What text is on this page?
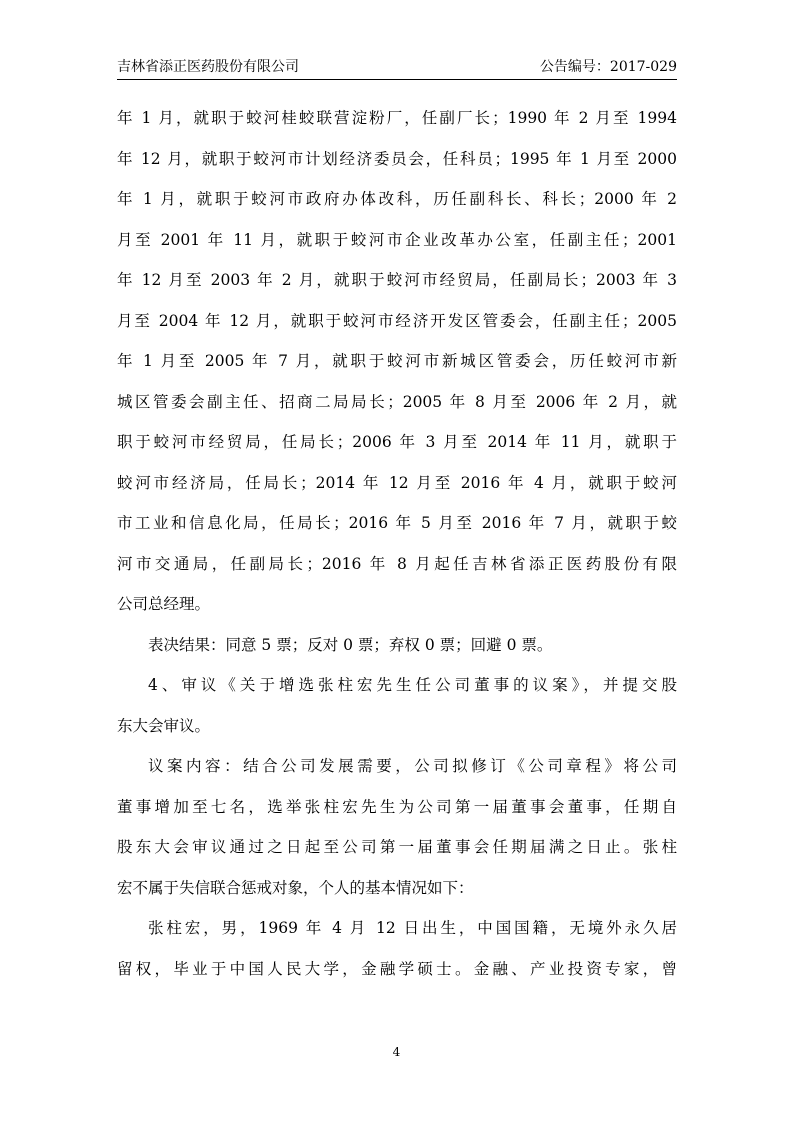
吉林省添正医药股份有限公司	公告编号：2017-029
年 1 月，就职于蛟河桂蛟联营淀粉厂，任副厂长；1990 年 2 月至 1994
年 12 月，就职于蛟河市计划经济委员会，任科员；1995 年 1 月至 2000
年 1 月，就职于蛟河市政府办体改科，历任副科长、科长；2000 年 2
月至 2001 年 11 月，就职于蛟河市企业改革办公室，任副主任；2001
年 12 月至 2003 年 2 月，就职于蛟河市经贸局，任副局长；2003 年 3
月至 2004 年 12 月，就职于蛟河市经济开发区管委会，任副主任；2005
年 1 月至 2005 年 7 月，就职于蛟河市新城区管委会，历任蛟河市新
城区管委会副主任、招商二局局长；2005 年 8 月至 2006 年 2 月，就
职于蛟河市经贸局，任局长；2006 年 3 月至 2014 年 11 月，就职于
蛟河市经济局，任局长；2014 年 12 月至 2016 年 4 月，就职于蛟河
市工业和信息化局，任局长；2016 年 5 月至 2016 年 7 月，就职于蛟
河市交通局，任副局长；2016 年 8 月起任吉林省添正医药股份有限
公司总经理。
表决结果：同意 5 票；反对 0 票；弃权 0 票；回避 0 票。
4、审议《关于增选张柱宏先生任公司董事的议案》，并提交股
东大会审议。
议案内容：结合公司发展需要，公司拟修订《公司章程》将公司
董事增加至七名，选举张柱宏先生为公司第一届董事会董事，任期自
股东大会审议通过之日起至公司第一届董事会任期届满之日止。张柱
宏不属于失信联合惩戒对象，个人的基本情况如下：
张柱宏，男，1969 年 4 月 12 日出生，中国国籍，无境外永久居
留权，毕业于中国人民大学，金融学硕士。金融、产业投资专家，曾
4
